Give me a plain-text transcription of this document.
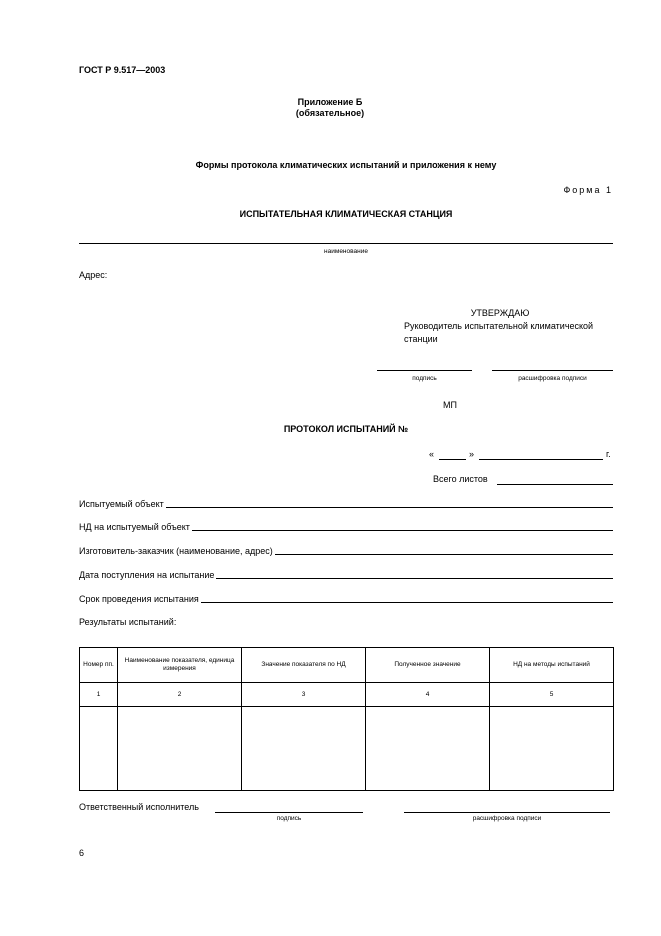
ГОСТ Р 9.517—2003
Приложение Б
(обязательное)
Формы протокола климатических испытаний и приложения к нему
Форма 1
ИСПЫТАТЕЛЬНАЯ КЛИМАТИЧЕСКАЯ СТАНЦИЯ
наименование
Адрес:
УТВЕРЖДАЮ
Руководитель испытательной климатической
станции
подпись	расшифровка подписи
МП
ПРОТОКОЛ ИСПЫТАНИЙ №
«	»	г.
Всего листов
Испытуемый объект
НД на испытуемый объект
Изготовитель-заказчик (наименование, адрес)
Дата поступления на испытание
Срок проведения испытания
Результаты испытаний:
Номер пп.	Наименование показателя, единица измерения	Значение показателя по НД	Полученное значение	НД на методы испытаний
1	2	3	4	5

Ответственный исполнитель
подпись	расшифровка подписи
6
